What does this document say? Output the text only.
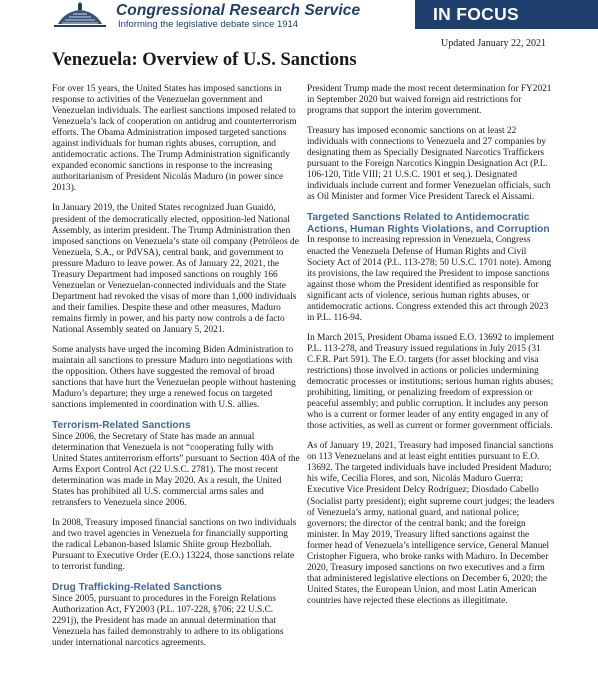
Congressional Research Service
Informing the legislative debate since 1914
IN FOCUS
Updated January 22, 2021
Venezuela: Overview of U.S. Sanctions

For over 15 years, the United States has imposed sanctions in response to activities of the Venezuelan government and Venezuelan individuals. The earliest sanctions imposed related to Venezuela’s lack of cooperation on antidrug and counterterrorism efforts. The Obama Administration imposed targeted sanctions against individuals for human rights abuses, corruption, and antidemocratic actions. The Trump Administration significantly expanded economic sanctions in response to the increasing authoritarianism of President Nicolás Maduro (in power since 2013).

In January 2019, the United States recognized Juan Guaidó, president of the democratically elected, opposition-led National Assembly, as interim president. The Trump Administration then imposed sanctions on Venezuela’s state oil company (Petróleos de Venezuela, S.A., or PdVSA), central bank, and government to pressure Maduro to leave power. As of January 22, 2021, the Treasury Department had imposed sanctions on roughly 166 Venezuelan or Venezuelan-connected individuals and the State Department had revoked the visas of more than 1,000 individuals and their families. Despite these and other measures, Maduro remains firmly in power, and his party now controls a de facto National Assembly seated on January 5, 2021.

Some analysts have urged the incoming Biden Administration to maintain all sanctions to pressure Maduro into negotiations with the opposition. Others have suggested the removal of broad sanctions that have hurt the Venezuelan people without hastening Maduro’s departure; they urge a renewed focus on targeted sanctions implemented in coordination with U.S. allies.

Terrorism-Related Sanctions

Since 2006, the Secretary of State has made an annual determination that Venezuela is not “cooperating fully with United States antiterrorism efforts” pursuant to Section 40A of the Arms Export Control Act (22 U.S.C. 2781). The most recent determination was made in May 2020. As a result, the United States has prohibited all U.S. commercial arms sales and retransfers to Venezuela since 2006.

In 2008, Treasury imposed financial sanctions on two individuals and two travel agencies in Venezuela for financially supporting the radical Lebanon-based Islamic Shiite group Hezbollah. Pursuant to Executive Order (E.O.) 13224, those sanctions relate to terrorist funding.

Drug Trafficking-Related Sanctions

Since 2005, pursuant to procedures in the Foreign Relations Authorization Act, FY2003 (P.L. 107-228, §706; 22 U.S.C. 2291j), the President has made an annual determination that Venezuela has failed demonstrably to adhere to its obligations under international narcotics agreements.

President Trump made the most recent determination for FY2021 in September 2020 but waived foreign aid restrictions for programs that support the interim government.

Treasury has imposed economic sanctions on at least 22 individuals with connections to Venezuela and 27 companies by designating them as Specially Designated Narcotics Traffickers pursuant to the Foreign Narcotics Kingpin Designation Act (P.L. 106-120, Title VIII; 21 U.S.C. 1901 et seq.). Designated individuals include current and former Venezuelan officials, such as Oil Minister and former Vice President Tareck el Aissami.

Targeted Sanctions Related to Antidemocratic Actions, Human Rights Violations, and Corruption

In response to increasing repression in Venezuela, Congress enacted the Venezuela Defense of Human Rights and Civil Society Act of 2014 (P.L. 113-278; 50 U.S.C. 1701 note). Among its provisions, the law required the President to impose sanctions against those whom the President identified as responsible for significant acts of violence, serious human rights abuses, or antidemocratic actions. Congress extended this act through 2023 in P.L. 116-94.

In March 2015, President Obama issued E.O. 13692 to implement P.L. 113-278, and Treasury issued regulations in July 2015 (31 C.F.R. Part 591). The E.O. targets (for asset blocking and visa restrictions) those involved in actions or policies undermining democratic processes or institutions; serious human rights abuses; prohibiting, limiting, or penalizing freedom of expression or peaceful assembly; and public corruption. It includes any person who is a current or former leader of any entity engaged in any of those activities, as well as current or former government officials.

As of January 19, 2021, Treasury had imposed financial sanctions on 113 Venezuelans and at least eight entities pursuant to E.O. 13692. The targeted individuals have included President Maduro; his wife, Cecilia Flores, and son, Nicolás Maduro Guerra; Executive Vice President Delcy Rodríguez; Diosdado Cabello (Socialist party president); eight supreme court judges; the leaders of Venezuela’s army, national guard, and national police; governors; the director of the central bank; and the foreign minister. In May 2019, Treasury lifted sanctions against the former head of Venezuela’s intelligence service, General Manuel Cristopher Figuera, who broke ranks with Maduro. In December 2020, Treasury imposed sanctions on two executives and a firm that administered legislative elections on December 6, 2020; the United States, the European Union, and most Latin American countries have rejected these elections as illegitimate.
